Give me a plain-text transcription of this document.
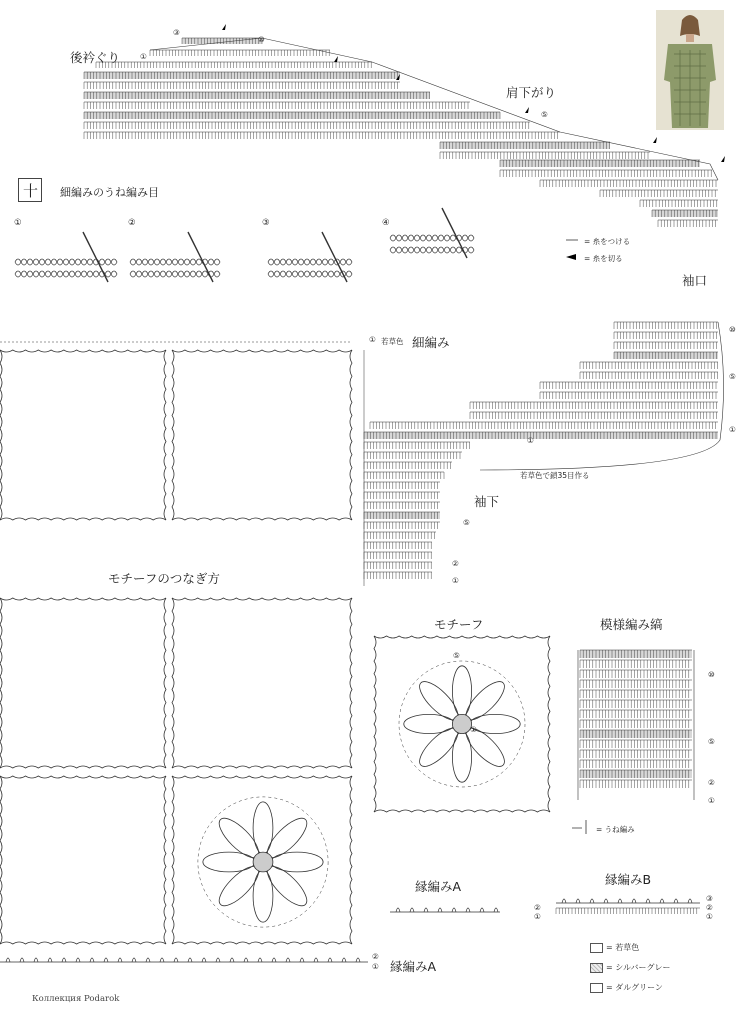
後衿ぐり
肩下がり
十 細編みのうね編み目
①	②	③	④
= 糸をつける
= 糸を切る
袖口
① 若草色 細編み
若草色で鎖35目作る
袖下
モチーフのつなぎ方
モチーフ	模様編み縞
= うね編み
縁編みA	縁編みB
縁編みA
③
①
⑩
⑤
⑩
⑤
①
①
⑤
②
①
⑩
⑤
②
①
⑤
①
②
①
③
②
①
②
①
= 若草色
= シルバーグレー
= ダルグリーン
Коллекция Podarok
